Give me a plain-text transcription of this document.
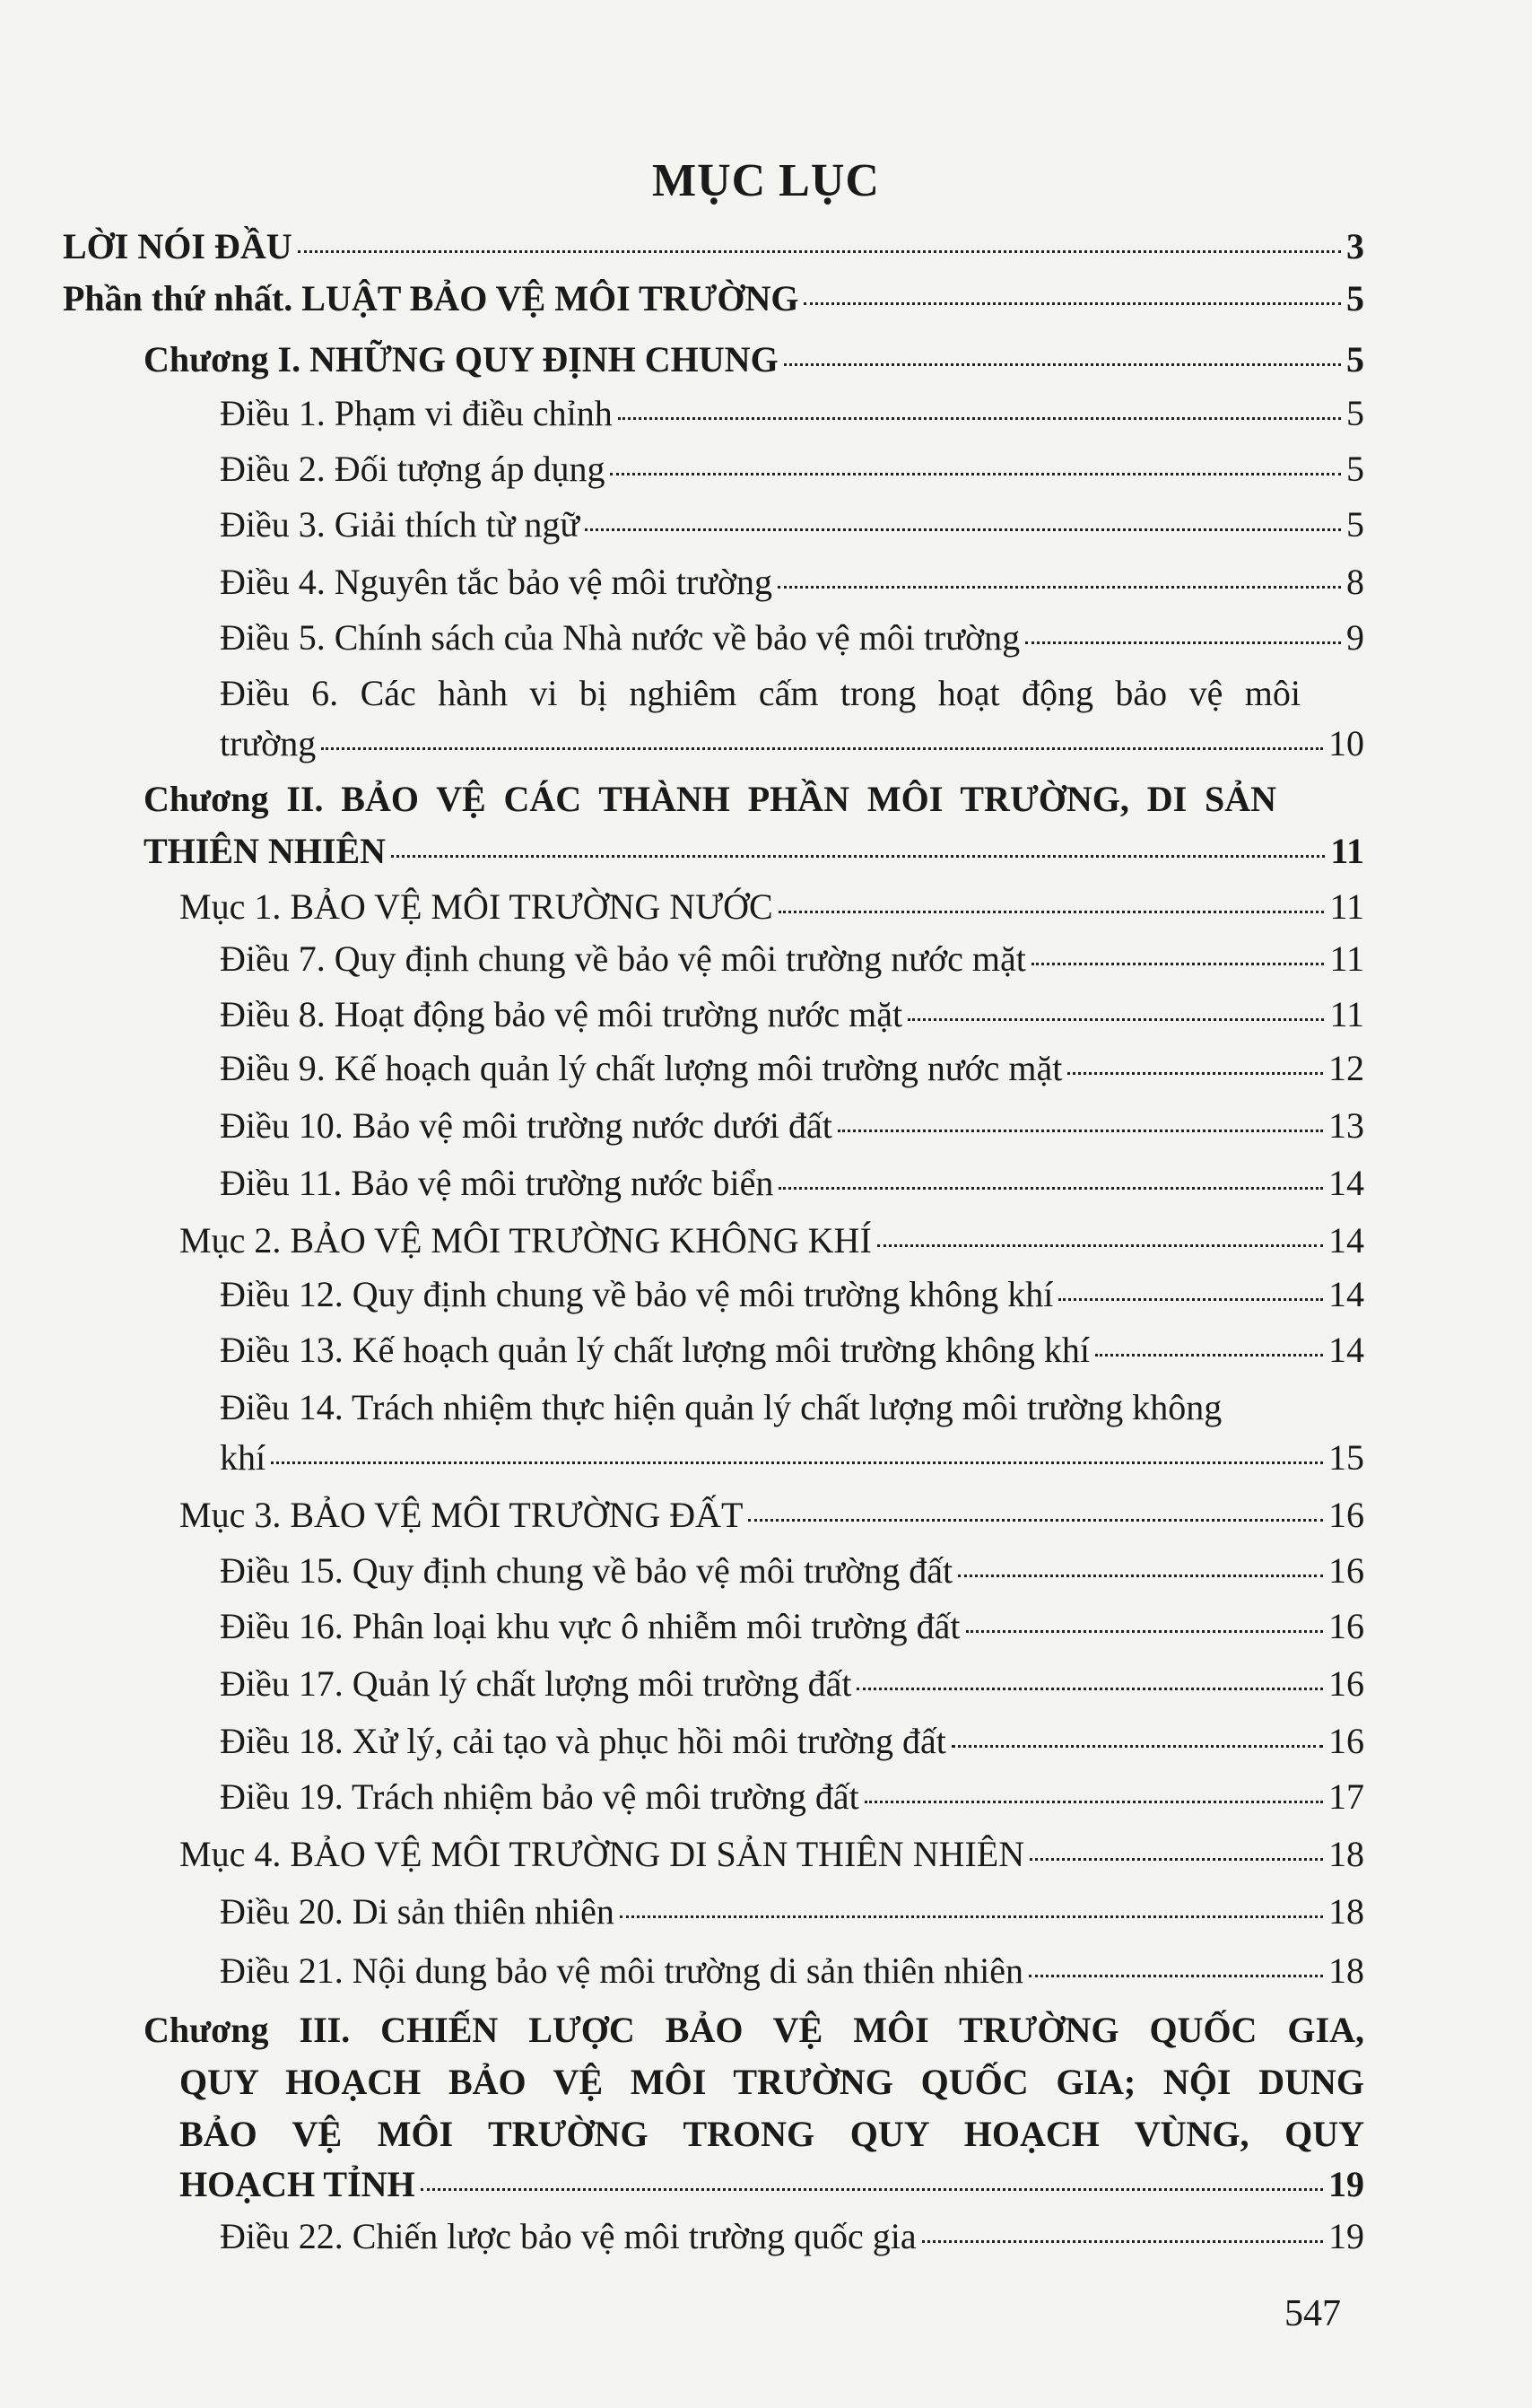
MỤC LỤC
LỜI NÓI ĐẦU	3
Phần thứ nhất. LUẬT BẢO VỆ MÔI TRƯỜNG	5
Chương I. NHỮNG QUY ĐỊNH CHUNG	5
Điều 1. Phạm vi điều chỉnh	5
Điều 2. Đối tượng áp dụng	5
Điều 3. Giải thích từ ngữ	5
Điều 4. Nguyên tắc bảo vệ môi trường	8
Điều 5. Chính sách của Nhà nước về bảo vệ môi trường	9
Điều 6. Các hành vi bị nghiêm cấm trong hoạt động bảo vệ môi
trường	10
Chương II. BẢO VỆ CÁC THÀNH PHẦN MÔI TRƯỜNG, DI SẢN
THIÊN NHIÊN	11
Mục 1. BẢO VỆ MÔI TRƯỜNG NƯỚC	11
Điều 7. Quy định chung về bảo vệ môi trường nước mặt	11
Điều 8. Hoạt động bảo vệ môi trường nước mặt	11
Điều 9. Kế hoạch quản lý chất lượng môi trường nước mặt	12
Điều 10. Bảo vệ môi trường nước dưới đất	13
Điều 11. Bảo vệ môi trường nước biển	14
Mục 2. BẢO VỆ MÔI TRƯỜNG KHÔNG KHÍ	14
Điều 12. Quy định chung về bảo vệ môi trường không khí	14
Điều 13. Kế hoạch quản lý chất lượng môi trường không khí	14
Điều 14. Trách nhiệm thực hiện quản lý chất lượng môi trường không
khí	15
Mục 3. BẢO VỆ MÔI TRƯỜNG ĐẤT	16
Điều 15. Quy định chung về bảo vệ môi trường đất	16
Điều 16. Phân loại khu vực ô nhiễm môi trường đất	16
Điều 17. Quản lý chất lượng môi trường đất	16
Điều 18. Xử lý, cải tạo và phục hồi môi trường đất	16
Điều 19. Trách nhiệm bảo vệ môi trường đất	17
Mục 4. BẢO VỆ MÔI TRƯỜNG DI SẢN THIÊN NHIÊN	18
Điều 20. Di sản thiên nhiên	18
Điều 21. Nội dung bảo vệ môi trường di sản thiên nhiên	18
Chương III. CHIẾN LƯỢC BẢO VỆ MÔI TRƯỜNG QUỐC GIA,
QUY HOẠCH BẢO VỆ MÔI TRƯỜNG QUỐC GIA; NỘI DUNG
BẢO VỆ MÔI TRƯỜNG TRONG QUY HOẠCH VÙNG, QUY
HOẠCH TỈNH	19
Điều 22. Chiến lược bảo vệ môi trường quốc gia	19
547
